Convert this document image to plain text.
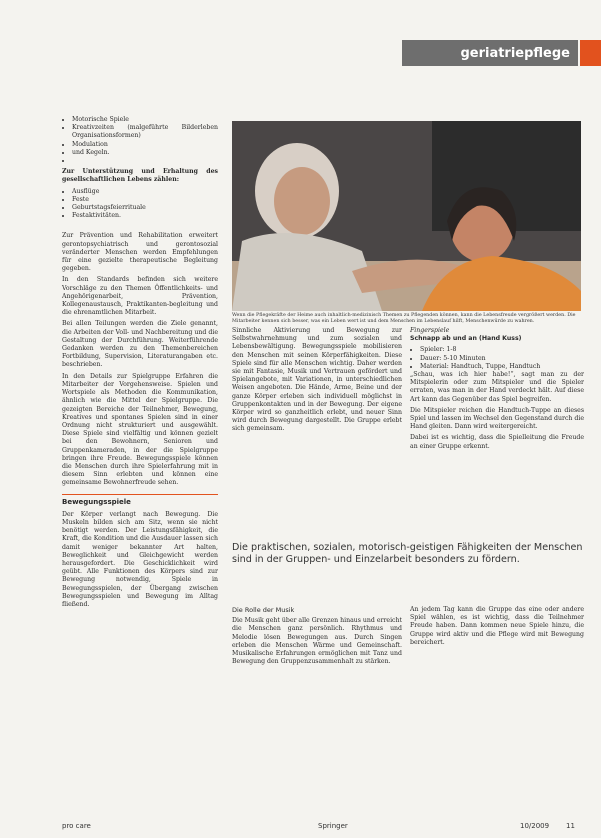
geriatriepflege
• Motorische Spiele
• Kreativzeiten (malgeführte Bilderleben Organisationsformen)
• Modulation
• und Kegeln.
•

Zur Unterstützung und Erhaltung des gesellschaftlichen Lebens zählen:

• Ausflüge
• Feste
• Geburtstagsfeierrituale
• Festaktivitäten.

Zur Prävention und Rehabilitation erweitert gerontopsychiatrisch und gerontosozial veränderter Menschen werden Empfehlungen für eine gezielte therapeutische Begleitung gegeben.

In den Standards befinden sich weitere Vorschläge zu den Themen Öffentlichkeits- und Angehörigenarbeit, Prävention, Kollegenaustausch, Praktikanten-begleitung und die ehrenamtlichen Mitarbeit.

Bei allen Teilungen werden die Ziele genannt, die Arbeiten der Voll- und Nachbereitung und die Gestaltung der Durchführung. Weiterführende Gedanken werden zu den Themenbereichen Fortbildung, Supervision, Literaturangaben etc. beschrieben.

In den Details zur Spielgruppe Erfahren die Mitarbeiter der Vorgehensweise. Spielen und Wortspiele als Methoden die Kommunikation, ähnlich wie die Mittel der Spielgruppe. Die gezeigten Bereiche der Teilnehmer, Bewegung, Kreatives und spontanes Spielen sind in einer Ordnung nicht strukturiert und ausgewählt. Diese Spiele sind vielfältig und können gezielt bei den Bewohnern, Senioren und Gruppenkameraden, in der die Spielgruppe bringen ihre Freude. Bewegungsspiele können die Menschen durch ihre Spielerfahrung mit in diesem Sinn erlebten und können eine gemeinsame Bewohnerfreude sehen.

Bewegungsspiele

Der Körper verlangt nach Bewegung. Die Muskeln bilden sich am Sitz, wenn sie nicht benötigt werden. Der Leistungsfähigkeit, die Kraft, die Kondition und die Ausdauer lassen sich damit weniger bekannter Art halten, Beweglichkeit und Gleichgewicht werden herausgefordert. Die Geschicklichkeit wird geübt. Alle Funktionen des Körpers sind zur Bewegung notwendig, Spiele in Bewegungsspielen, der Übergang zwischen Bewegungsspielen und Bewegung im Alltag fließend.

Wenn die Pflegekräfte der Heime auch inhaltlich-medizinisch Themen zu Pflegenden können, kann die Lebensfreude vergrößert werden. Die Mitarbeiter kennen sich besser, was ein Leben wert ist und dem Menschen im Lebenslauf hilft, Menschenwürde zu wahren.

Sinnliche Aktivierung und Bewegung zur Selbstwahrnehmung und zum sozialen und Lebensbewältigung. Bewegungsspiele mobilisieren den Menschen mit seinen Körperfähigkeiten. Diese Spiele sind für alle Menschen wichtig. Daher werden sie mit Fantasie, Musik und Vertrauen gefördert und Spielangebote, mit Variationen, in unterschiedlichen Weisen angeboten. Die Hände, Arme, Beine und der ganze Körper erleben sich individuell möglichst in Gruppenkontakten und in der Bewegung. Der eigene Körper wird so ganzheitlich erlebt, und neuer Sinn wird durch Bewegung dargestellt. Die Gruppe erlebt sich gemeinsam.

Fingerspiele

Schnapp ab und an (Hand Kuss)

• Spieler: 1-8
• Dauer: 5-10 Minuten
• Material: Handtuch, Tuppe, Handtuch

„Schau, was ich hier habe!“, sagt man zu der Mitspielerin oder zum Mitspieler und die Spieler erraten, was man in der Hand verdeckt hält. Auf diese Art kann das Gegenüber das Spiel begreifen.

Die Mitspieler reichen die Handtuch-Tuppe an dieses Spiel und lassen im Wechsel den Gegenstand durch die Hand gleiten. Dann wird weitergereicht.

Dabei ist es wichtig, dass die Spielleitung die Freude an einer Gruppe erkennt.

Die praktischen, sozialen, motorisch-geistigen Fähigkeiten der Menschen sind in der Gruppen- und Einzelarbeit besonders zu fördern.

Die Rolle der Musik

Die Musik geht über alle Grenzen hinaus und erreicht die Menschen ganz persönlich. Rhythmus und Melodie lösen Bewegungen aus. Durch Singen erleben die Menschen Wärme und Gemeinschaft. Musikalische Erfahrungen ermöglichen mit Tanz und Bewegung den Gruppenzusammenhalt zu stärken.

An jedem Tag kann die Gruppe das eine oder andere Spiel wählen, es ist wichtig, dass die Teilnehmer Freude haben. Dann kommen neue Spiele hinzu, die Gruppe wird aktiv und die Pflege wird mit Bewegung bereichert.

pro care	Springer	10/2009 11
